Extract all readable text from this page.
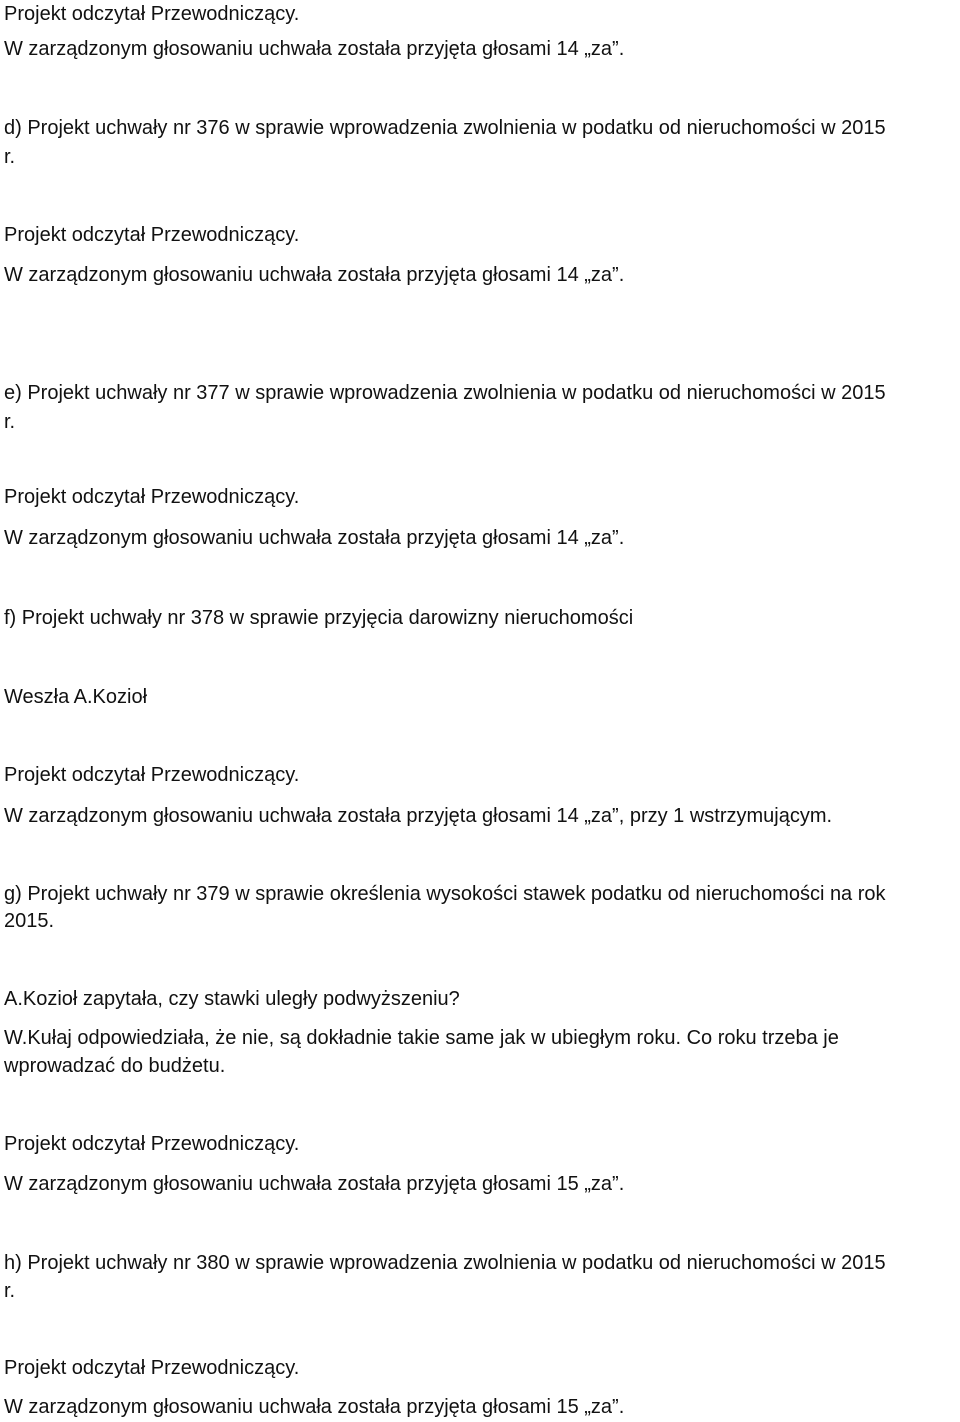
Projekt odczytał Przewodniczący.
W zarządzonym głosowaniu uchwała została przyjęta głosami 14 „za”.
d) Projekt uchwały nr 376 w sprawie wprowadzenia zwolnienia w podatku od nieruchomości w 2015
r.
Projekt odczytał Przewodniczący.
W zarządzonym głosowaniu uchwała została przyjęta głosami 14 „za”.
e) Projekt uchwały nr 377 w sprawie wprowadzenia zwolnienia w podatku od nieruchomości w 2015
r.
Projekt odczytał Przewodniczący.
W zarządzonym głosowaniu uchwała została przyjęta głosami 14 „za”.
f) Projekt uchwały nr 378 w sprawie przyjęcia darowizny nieruchomości
Weszła A.Kozioł
Projekt odczytał Przewodniczący.
W zarządzonym głosowaniu uchwała została przyjęta głosami 14 „za”, przy 1 wstrzymującym.
g) Projekt uchwały nr 379 w sprawie określenia wysokości stawek podatku od nieruchomości na rok
2015.
A.Kozioł zapytała, czy stawki uległy podwyższeniu?
W.Kułaj odpowiedziała, że nie, są dokładnie takie same jak w ubiegłym roku. Co roku trzeba je
wprowadzać do budżetu.
Projekt odczytał Przewodniczący.
W zarządzonym głosowaniu uchwała została przyjęta głosami 15 „za”.
h) Projekt uchwały nr 380 w sprawie wprowadzenia zwolnienia w podatku od nieruchomości w 2015
r.
Projekt odczytał Przewodniczący.
W zarządzonym głosowaniu uchwała została przyjęta głosami 15 „za”.
